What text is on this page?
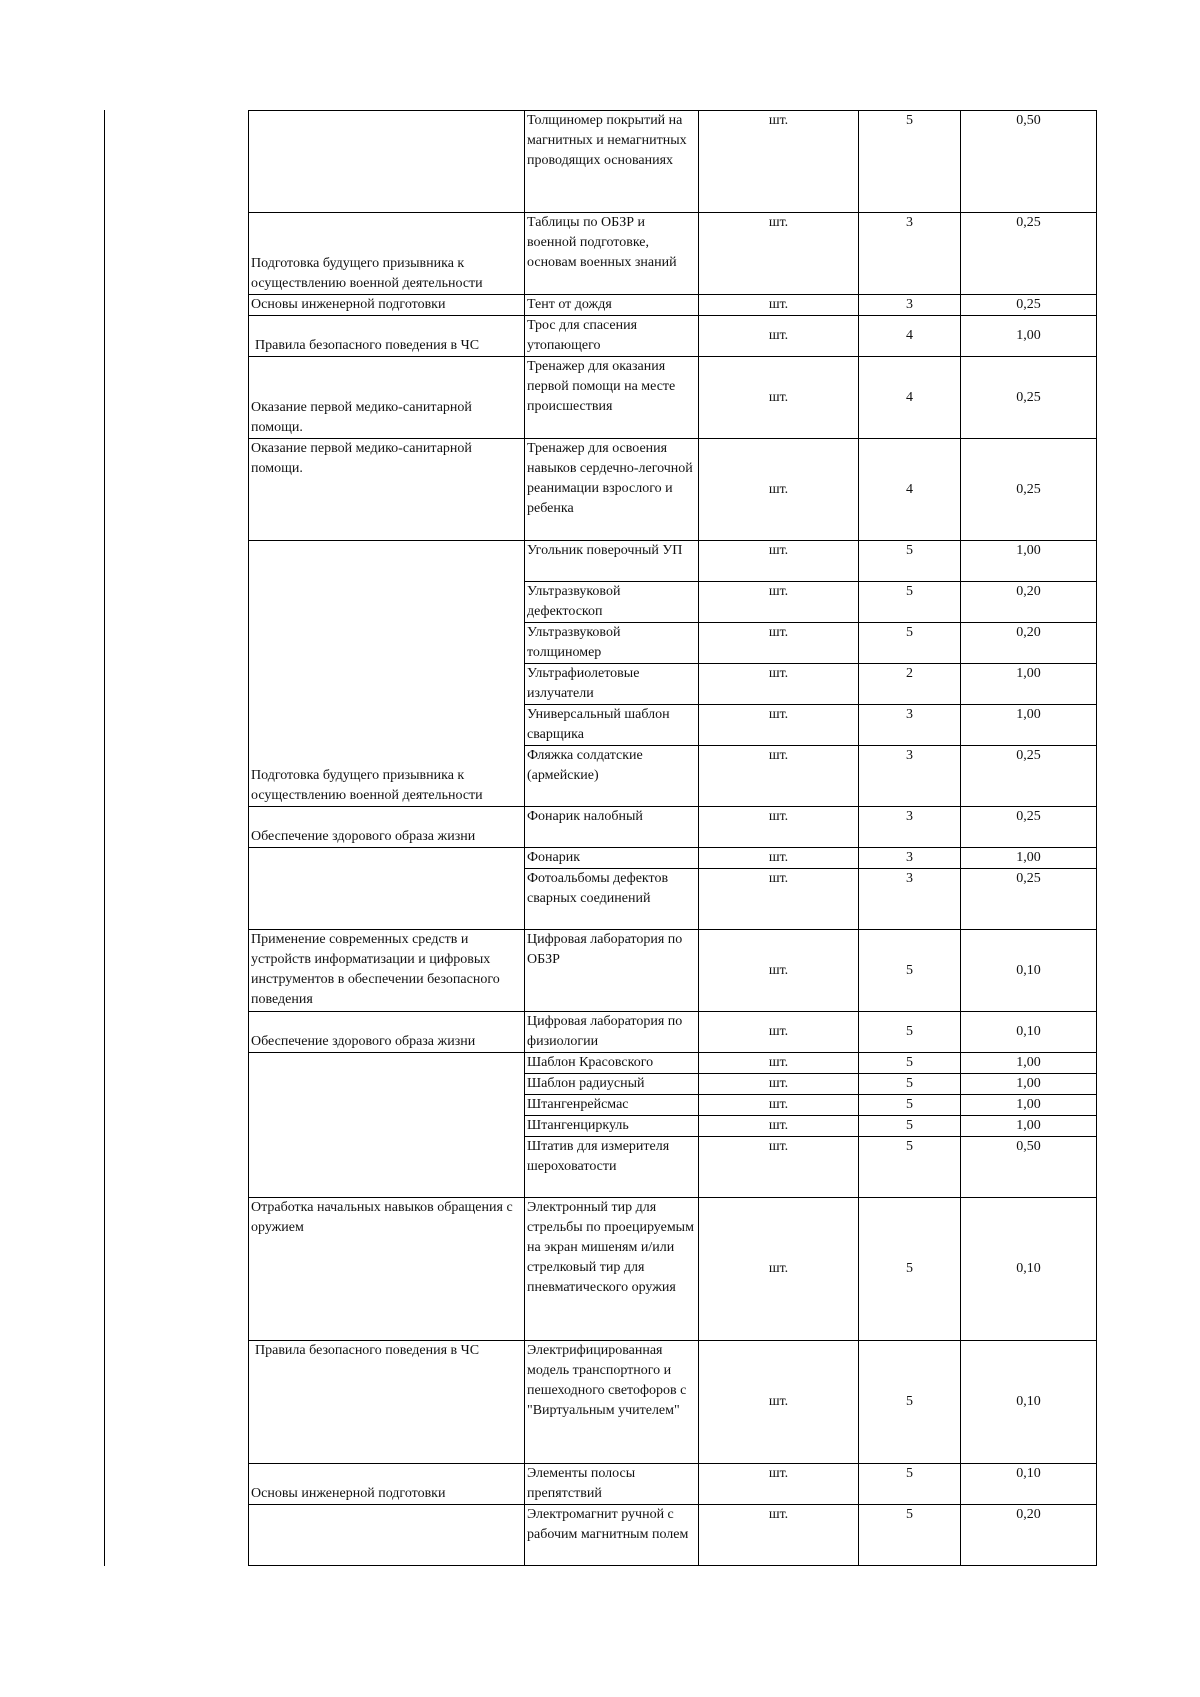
	Толщиномер покрытий на магнитных и немагнитных проводящих основаниях	шт.	5	0,50
Подготовка будущего призывника к осуществлению военной деятельности	Таблицы по ОБЗР и военной подготовке, основам военных знаний	шт.	3	0,25
Основы инженерной подготовки	Тент от дождя	шт.	3	0,25
Правила безопасного поведения в ЧС	Трос для спасения утопающего	шт.	4	1,00
Оказание первой медико-санитарной помощи.	Тренажер для оказания первой помощи на месте происшествия	шт.	4	0,25
Оказание первой медико-санитарной помощи.	Тренажер для освоения навыков сердечно-легочной реанимации взрослого и ребенка	шт.	4	0,25
Подготовка будущего призывника к осуществлению военной деятельности	Угольник поверочный УП	шт.	5	1,00
	Ультразвуковой дефектоскоп	шт.	5	0,20
	Ультразвуковой толщиномер	шт.	5	0,20
	Ультрафиолетовые излучатели	шт.	2	1,00
	Универсальный шаблон сварщика	шт.	3	1,00
	Фляжка солдатские (армейские)	шт.	3	0,25
Обеспечение здорового образа жизни	Фонарик налобный	шт.	3	0,25
	Фонарик	шт.	3	1,00
	Фотоальбомы дефектов сварных соединений	шт.	3	0,25
Применение современных средств и устройств информатизации и цифровых инструментов в обеспечении безопасного поведения	Цифровая лаборатория по ОБЗР	шт.	5	0,10
Обеспечение здорового образа жизни	Цифровая лаборатория по физиологии	шт.	5	0,10
	Шаблон Красовского	шт.	5	1,00
	Шаблон радиусный	шт.	5	1,00
	Штангенрейсмас	шт.	5	1,00
	Штангенциркуль	шт.	5	1,00
	Штатив для измерителя шероховатости	шт.	5	0,50
Отработка начальных навыков обращения с оружием	Электронный тир для стрельбы по проецируемым на экран мишеням и/или стрелковый тир для пневматического оружия	шт.	5	0,10
Правила безопасного поведения в ЧС	Электрифицированная модель транспортного и пешеходного светофоров с "Виртуальным учителем"	шт.	5	0,10
Основы инженерной подготовки	Элементы полосы препятствий	шт.	5	0,10
	Электромагнит ручной с рабочим магнитным полем	шт.	5	0,20
